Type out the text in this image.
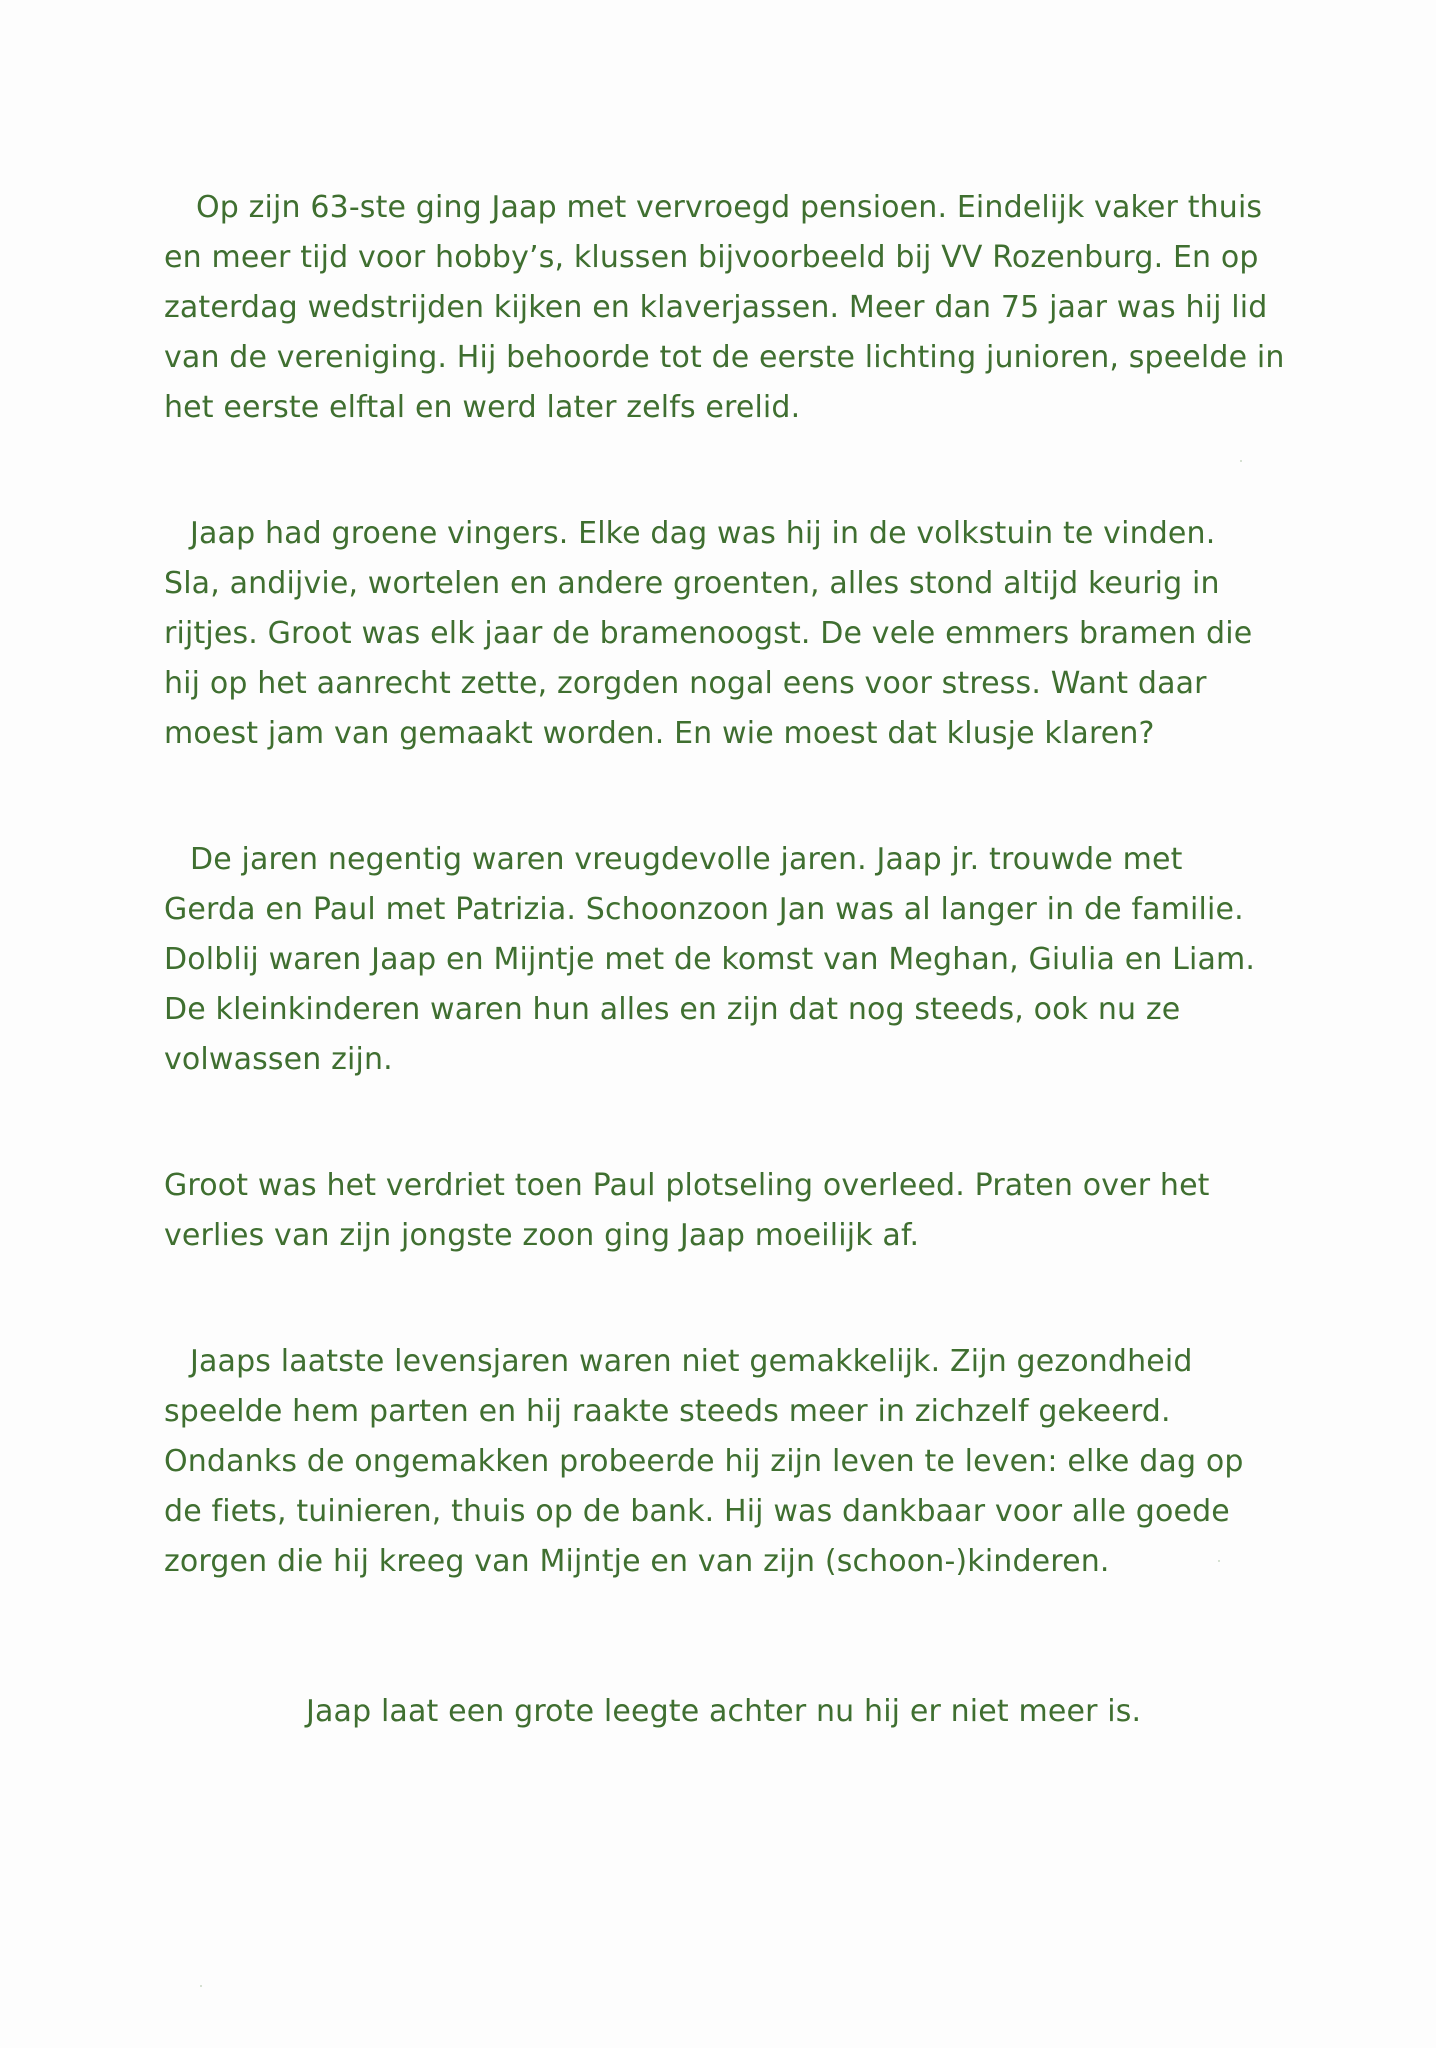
Op zijn 63-ste ging Jaap met vervroegd pensioen. Eindelijk vaker thuis

en meer tijd voor hobby’s, klussen bijvoorbeeld bij VV Rozenburg. En op

zaterdag wedstrijden kijken en klaverjassen. Meer dan 75 jaar was hij lid

van de vereniging. Hij behoorde tot de eerste lichting junioren, speelde in

het eerste elftal en werd later zelfs erelid.

Jaap had groene vingers. Elke dag was hij in de volkstuin te vinden.

Sla, andijvie, wortelen en andere groenten, alles stond altijd keurig in

rijtjes. Groot was elk jaar de bramenoogst. De vele emmers bramen die

hij op het aanrecht zette, zorgden nogal eens voor stress. Want daar

moest jam van gemaakt worden. En wie moest dat klusje klaren?

De jaren negentig waren vreugdevolle jaren. Jaap jr. trouwde met

Gerda en Paul met Patrizia. Schoonzoon Jan was al langer in de familie.

Dolblij waren Jaap en Mijntje met de komst van Meghan, Giulia en Liam.

De kleinkinderen waren hun alles en zijn dat nog steeds, ook nu ze

volwassen zijn.

Groot was het verdriet toen Paul plotseling overleed. Praten over het

verlies van zijn jongste zoon ging Jaap moeilijk af.

Jaaps laatste levensjaren waren niet gemakkelijk. Zijn gezondheid

speelde hem parten en hij raakte steeds meer in zichzelf gekeerd.

Ondanks de ongemakken probeerde hij zijn leven te leven: elke dag op

de fiets, tuinieren, thuis op de bank. Hij was dankbaar voor alle goede

zorgen die hij kreeg van Mijntje en van zijn (schoon-)kinderen.

Jaap laat een grote leegte achter nu hij er niet meer is.
